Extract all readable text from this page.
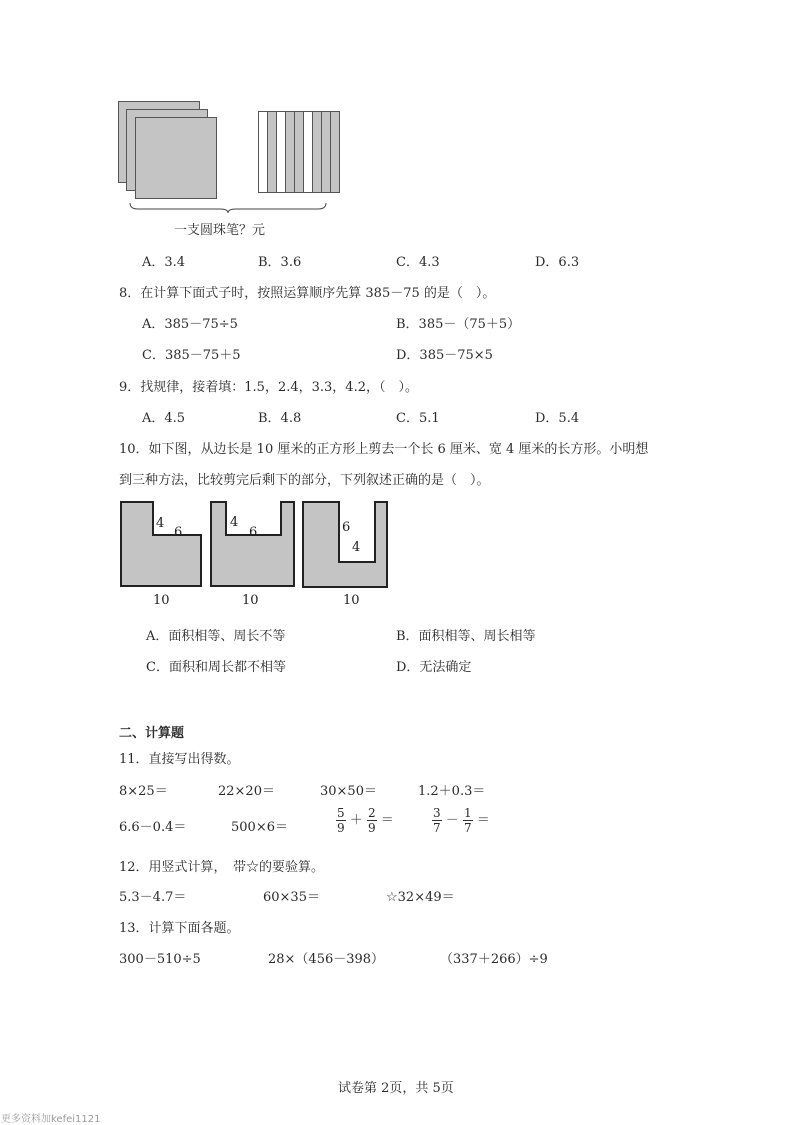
一支圆珠笔？元
A．3.4	B．3.6	C．4.3	D．6.3
8．在计算下面式子时，按照运算顺序先算 385－75 的是（　）。
A．385－75÷5	B．385－（75＋5）
C．385－75＋5	D．385－75×5
9．找规律，接着填：1.5，2.4，3.3，4.2，（　）。
A．4.5	B．4.8	C．5.1	D．5.4
10．如下图，从边长是 10 厘米的正方形上剪去一个长 6 厘米、宽 4 厘米的长方形。小明想
到三种方法，比较剪完后剩下的部分，下列叙述正确的是（　）。
4
6
4
6	6
4
10	10	10
A．面积相等、周长不等	B．面积相等、周长相等
C．面积和周长都不相等	D．无法确定
二、计算题
11．直接写出得数。
8×25＝	22×20＝	30×50＝	1.2＋0.3＝
6.6－0.4＝	500×6＝	$\frac{5}{9} + \frac{2}{9}$ ＝	$\frac{3}{7} - \frac{1}{7}$ ＝
12．用竖式计算，　带☆的要验算。
5.3－4.7＝	60×35＝	☆32×49＝
13．计算下面各题。
300－510÷5	28×（456－398）	（337＋266）÷9
试卷第 2页，共 5页
更多资料加kefei1121
